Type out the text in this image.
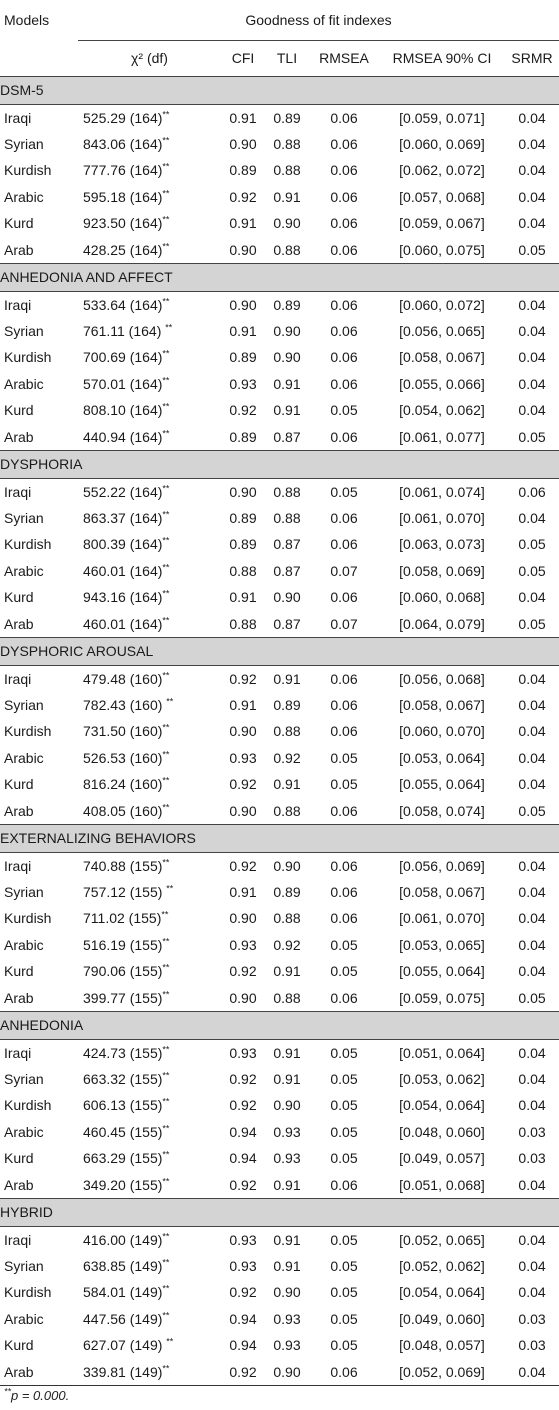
Models	Goodness of fit indexes					
	χ² (df)	CFI	TLI	RMSEA	RMSEA 90% CI	SRMR
DSM-5						
Iraqi	525.29 (164)**	0.91	0.89	0.06	[0.059, 0.071]	0.04
Syrian	843.06 (164)**	0.90	0.88	0.06	[0.060, 0.069]	0.04
Kurdish	777.76 (164)**	0.89	0.88	0.06	[0.062, 0.072]	0.04
Arabic	595.18 (164)**	0.92	0.91	0.06	[0.057, 0.068]	0.04
Kurd	923.50 (164)**	0.91	0.90	0.06	[0.059, 0.067]	0.04
Arab	428.25 (164)**	0.90	0.88	0.06	[0.060, 0.075]	0.05
ANHEDONIA AND AFFECT						
Iraqi	533.64 (164)**	0.90	0.89	0.06	[0.060, 0.072]	0.04
Syrian	761.11 (164) **	0.91	0.90	0.06	[0.056, 0.065]	0.04
Kurdish	700.69 (164)**	0.89	0.90	0.06	[0.058, 0.067]	0.04
Arabic	570.01 (164)**	0.93	0.91	0.06	[0.055, 0.066]	0.04
Kurd	808.10 (164)**	0.92	0.91	0.05	[0.054, 0.062]	0.04
Arab	440.94 (164)**	0.89	0.87	0.06	[0.061, 0.077]	0.05
DYSPHORIA						
Iraqi	552.22 (164)**	0.90	0.88	0.05	[0.061, 0.074]	0.06
Syrian	863.37 (164)**	0.89	0.88	0.06	[0.061, 0.070]	0.04
Kurdish	800.39 (164)**	0.89	0.87	0.06	[0.063, 0.073]	0.05
Arabic	460.01 (164)**	0.88	0.87	0.07	[0.058, 0.069]	0.05
Kurd	943.16 (164)**	0.91	0.90	0.06	[0.060, 0.068]	0.04
Arab	460.01 (164)**	0.88	0.87	0.07	[0.064, 0.079]	0.05
DYSPHORIC AROUSAL						
Iraqi	479.48 (160)**	0.92	0.91	0.06	[0.056, 0.068]	0.04
Syrian	782.43 (160) **	0.91	0.89	0.06	[0.058, 0.067]	0.04
Kurdish	731.50 (160)**	0.90	0.88	0.06	[0.060, 0.070]	0.04
Arabic	526.53 (160)**	0.93	0.92	0.05	[0.053, 0.064]	0.04
Kurd	816.24 (160)**	0.92	0.91	0.05	[0.055, 0.064]	0.04
Arab	408.05 (160)**	0.90	0.88	0.06	[0.058, 0.074]	0.05
EXTERNALIZING BEHAVIORS						
Iraqi	740.88 (155)**	0.92	0.90	0.06	[0.056, 0.069]	0.04
Syrian	757.12 (155) **	0.91	0.89	0.06	[0.058, 0.067]	0.04
Kurdish	711.02 (155)**	0.90	0.88	0.06	[0.061, 0.070]	0.04
Arabic	516.19 (155)**	0.93	0.92	0.05	[0.053, 0.065]	0.04
Kurd	790.06 (155)**	0.92	0.91	0.05	[0.055, 0.064]	0.04
Arab	399.77 (155)**	0.90	0.88	0.06	[0.059, 0.075]	0.05
ANHEDONIA						
Iraqi	424.73 (155)**	0.93	0.91	0.05	[0.051, 0.064]	0.04
Syrian	663.32 (155)**	0.92	0.91	0.05	[0.053, 0.062]	0.04
Kurdish	606.13 (155)**	0.92	0.90	0.05	[0.054, 0.064]	0.04
Arabic	460.45 (155)**	0.94	0.93	0.05	[0.048, 0.060]	0.03
Kurd	663.29 (155)**	0.94	0.93	0.05	[0.049, 0.057]	0.03
Arab	349.20 (155)**	0.92	0.91	0.06	[0.051, 0.068]	0.04
HYBRID						
Iraqi	416.00 (149)**	0.93	0.91	0.05	[0.052, 0.065]	0.04
Syrian	638.85 (149)**	0.93	0.91	0.05	[0.052, 0.062]	0.04
Kurdish	584.01 (149)**	0.92	0.90	0.05	[0.054, 0.064]	0.04
Arabic	447.56 (149)**	0.94	0.93	0.05	[0.049, 0.060]	0.03
Kurd	627.07 (149) **	0.94	0.93	0.05	[0.048, 0.057]	0.03
Arab	339.81 (149)**	0.92	0.90	0.06	[0.052, 0.069]	0.04
**p = 0.000.
